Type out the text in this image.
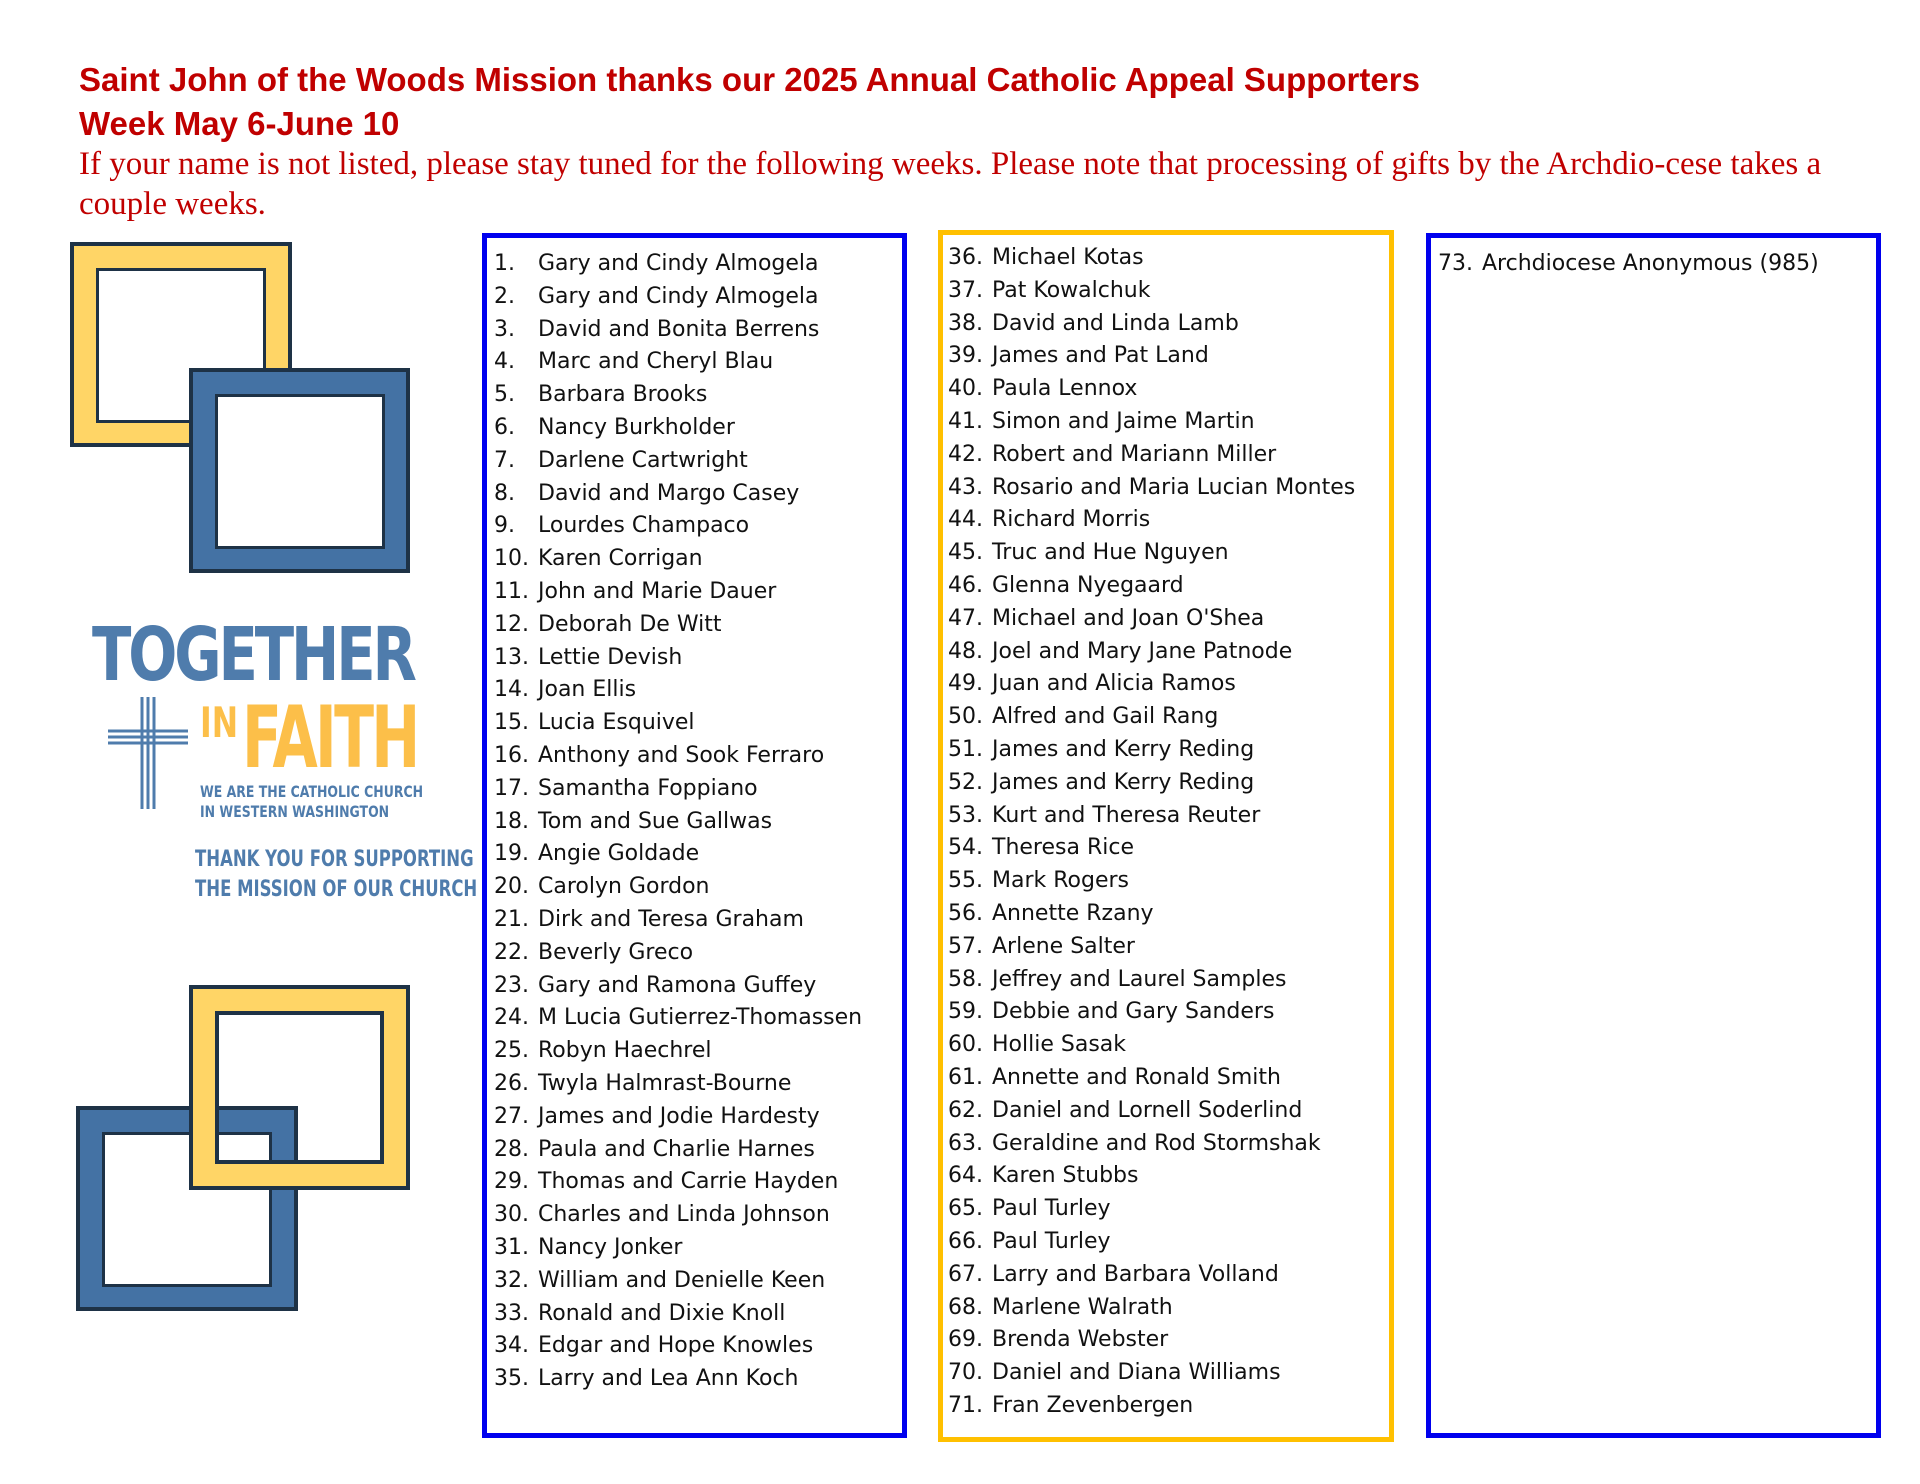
Saint John of the Woods Mission thanks our 2025 Annual Catholic Appeal Supporters
Week May 6-June 10
If your name is not listed, please stay tuned for the following weeks. Please note that processing of gifts by the Archdio-cese takes a couple weeks.
TOGETHER
IN FAITH
WE ARE THE CATHOLIC CHURCH
IN WESTERN WASHINGTON
THANK YOU FOR SUPPORTING
THE MISSION OF OUR CHURCH
1.	Gary and Cindy Almogela
2.	Gary and Cindy Almogela
3.	David and Bonita Berrens
4.	Marc and Cheryl Blau
5.	Barbara Brooks
6.	Nancy Burkholder
7.	Darlene Cartwright
8.	David and Margo Casey
9.	Lourdes Champaco
10. Karen Corrigan
11. John and Marie Dauer
12. Deborah De Witt
13. Lettie Devish
14. Joan Ellis
15. Lucia Esquivel
16. Anthony and Sook Ferraro
17. Samantha Foppiano
18. Tom and Sue Gallwas
19. Angie Goldade
20. Carolyn Gordon
21. Dirk and Teresa Graham
22. Beverly Greco
23. Gary and Ramona Guffey
24. M Lucia Gutierrez-Thomassen
25. Robyn Haechrel
26. Twyla Halmrast-Bourne
27. James and Jodie Hardesty
28. Paula and Charlie Harnes
29. Thomas and Carrie Hayden
30. Charles and Linda Johnson
31. Nancy Jonker
32. William and Denielle Keen
33. Ronald and Dixie Knoll
34. Edgar and Hope Knowles
35. Larry and Lea Ann Koch
36. Michael Kotas
37. Pat Kowalchuk
38. David and Linda Lamb
39. James and Pat Land
40. Paula Lennox
41. Simon and Jaime Martin
42. Robert and Mariann Miller
43. Rosario and Maria Lucian Montes
44. Richard Morris
45. Truc and Hue Nguyen
46. Glenna Nyegaard
47. Michael and Joan O'Shea
48. Joel and Mary Jane Patnode
49. Juan and Alicia Ramos
50. Alfred and Gail Rang
51. James and Kerry Reding
52. James and Kerry Reding
53. Kurt and Theresa Reuter
54. Theresa Rice
55. Mark Rogers
56. Annette Rzany
57. Arlene Salter
58. Jeffrey and Laurel Samples
59. Debbie and Gary Sanders
60. Hollie Sasak
61. Annette and Ronald Smith
62. Daniel and Lornell Soderlind
63. Geraldine and Rod Stormshak
64. Karen Stubbs
65. Paul Turley
66. Paul Turley
67. Larry and Barbara Volland
68. Marlene Walrath
69. Brenda Webster
70. Daniel and Diana Williams
71. Fran Zevenbergen
73. Archdiocese Anonymous (985)
